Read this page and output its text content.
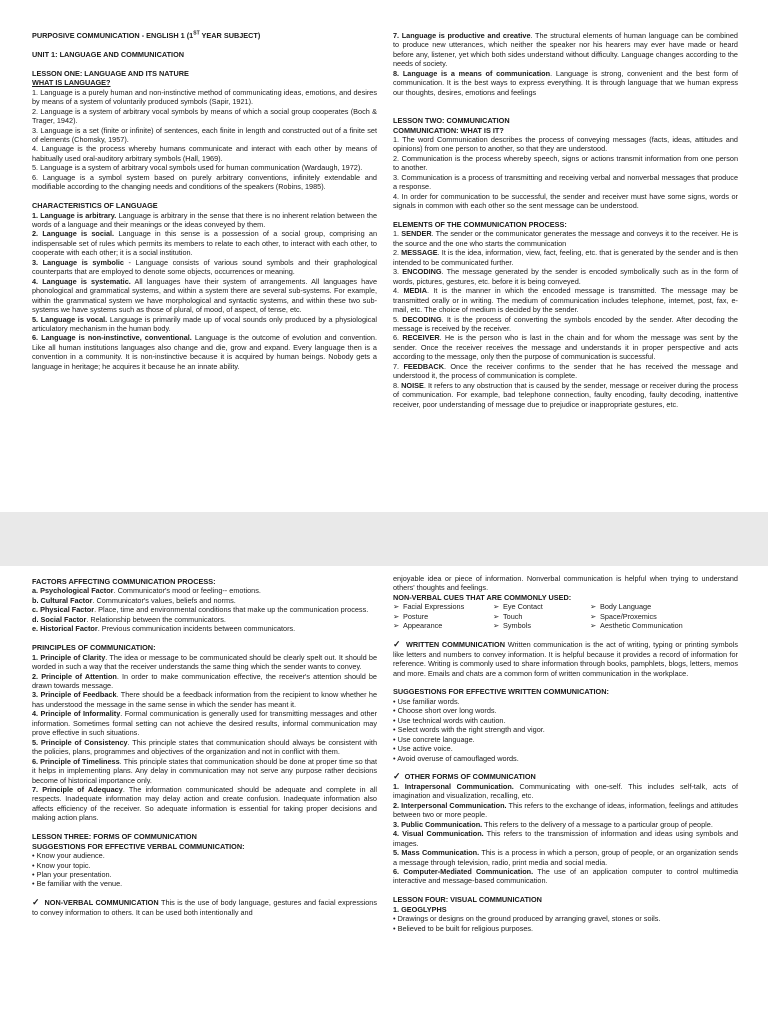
PURPOSIVE COMMUNICATION - ENGLISH 1 (1ST YEAR SUBJECT)

UNIT 1: LANGUAGE AND COMMUNICATION

LESSON ONE: LANGUAGE AND ITS NATURE

WHAT IS LANGUAGE?

1. Language is a purely human and non-instinctive method of communicating ideas, emotions, and desires by means of a system of voluntarily produced symbols (Sapir, 1921).

2. Language is a system of arbitrary vocal symbols by means of which a social group cooperates (Boch & Trager, 1942).

3. Language is a set (finite or infinite) of sentences, each finite in length and constructed out of a finite set of elements (Chomsky, 1957).

4. Language is the process whereby humans communicate and interact with each other by means of habitually used oral-auditory arbitrary symbols (Hall, 1969).

5. Language is a system of arbitrary vocal symbols used for human communication (Wardaugh, 1972).

6. Language is a symbol system based on purely arbitrary conventions, infinitely extendable and modifiable according to the changing needs and conditions of the speakers (Robins, 1985).

CHARACTERISTICS OF LANGUAGE

1. Language is arbitrary. Language is arbitrary in the sense that there is no inherent relation between the words of a language and their meanings or the ideas conveyed by them.

2. Language is social. Language in this sense is a possession of a social group, comprising an indispensable set of rules which permits its members to relate to each other, to interact with each other, to cooperate with each other; it is a social institution.

3. Language is symbolic - Language consists of various sound symbols and their graphological counterparts that are employed to denote some objects, occurrences or meaning.

4. Language is systematic. All languages have their system of arrangements. All languages have phonological and grammatical systems, and within a system there are several sub-systems. For example, within the grammatical system we have morphological and syntactic systems, and within these two sub-systems we have systems such as those of plural, of mood, of aspect, of tense, etc.

5. Language is vocal. Language is primarily made up of vocal sounds only produced by a physiological articulatory mechanism in the human body.

6. Language is non-instinctive, conventional. Language is the outcome of evolution and convention. Like all human institutions languages also change and die, grow and expand. Every language then is a convention in a community. It is non-instinctive because it is acquired by human beings. Nobody gets a language in heritage; he acquires it because he an innate ability.

7. Language is productive and creative. The structural elements of human language can be combined to produce new utterances, which neither the speaker nor his hearers may ever have made or heard before any, listener, yet which both sides understand without difficulty. Language changes according to the needs of society.

8. Language is a means of communication. Language is strong, convenient and the best form of communication. It is the best ways to express everything. It is through language that we human express our thoughts, desires, emotions and feelings

LESSON TWO: COMMUNICATION

COMMUNICATION: WHAT IS IT?

1. The word Communication describes the process of conveying messages (facts, ideas, attitudes and opinions) from one person to another, so that they are understood.

2. Communication is the process whereby speech, signs or actions transmit information from one person to another.

3. Communication is a process of transmitting and receiving verbal and nonverbal messages that produce a response.

4. In order for communication to be successful, the sender and receiver must have some signs, words or signals in common with each other so the sent message can be understood.

ELEMENTS OF THE COMMUNICATION PROCESS:

1. SENDER. The sender or the communicator generates the message and conveys it to the receiver. He is the source and the one who starts the communication

2. MESSAGE. It is the idea, information, view, fact, feeling, etc. that is generated by the sender and is then intended to be communicated further.

3. ENCODING. The message generated by the sender is encoded symbolically such as in the form of words, pictures, gestures, etc. before it is being conveyed.

4. MEDIA. It is the manner in which the encoded message is transmitted. The message may be transmitted orally or in writing. The medium of communication includes telephone, internet, post, fax, e-mail, etc. The choice of medium is decided by the sender.

5. DECODING. It is the process of converting the symbols encoded by the sender. After decoding the message is received by the receiver.

6. RECEIVER. He is the person who is last in the chain and for whom the message was sent by the sender. Once the receiver receives the message and understands it in proper perspective and acts according to the message, only then the purpose of communication is successful.

7. FEEDBACK. Once the receiver confirms to the sender that he has received the message and understood it, the process of communication is complete.

8. NOISE. It refers to any obstruction that is caused by the sender, message or receiver during the process of communication. For example, bad telephone connection, faulty encoding, faulty decoding, inattentive receiver, poor understanding of message due to prejudice or inappropriate gestures, etc.

FACTORS AFFECTING COMMUNICATION PROCESS:

a. Psychological Factor. Communicator's mood or feeling-- emotions.

b. Cultural Factor. Communicator's values, beliefs and norms.

c. Physical Factor. Place, time and environmental conditions that make up the communication process.

d. Social Factor. Relationship between the communicators.

e. Historical Factor. Previous communication incidents between communicators.

PRINCIPLES OF COMMUNICATION:

1. Principle of Clarity. The idea or message to be communicated should be clearly spelt out. It should be worded in such a way that the receiver understands the same thing which the sender wants to convey.

2. Principle of Attention. In order to make communication effective, the receiver's attention should be drawn towards message.

3. Principle of Feedback. There should be a feedback information from the recipient to know whether he has understood the message in the same sense in which the sender has meant it.

4. Principle of Informality. Formal communication is generally used for transmitting messages and other information. Sometimes formal setting can not achieve the desired results, informal communication may prove effective in such situations.

5. Principle of Consistency. This principle states that communication should always be consistent with the policies, plans, programmes and objectives of the organization and not in conflict with them.

6. Principle of Timeliness. This principle states that communication should be done at proper time so that it helps in implementing plans. Any delay in communication may not serve any purpose rather decisions become of historical importance only.

7. Principle of Adequacy. The information communicated should be adequate and complete in all respects. Inadequate information may delay action and create confusion. Inadequate information also affects efficiency of the receiver. So adequate information is essential for taking proper decisions and making action plans.

LESSON THREE: FORMS OF COMMUNICATION

SUGGESTIONS FOR EFFECTIVE VERBAL COMMUNICATION:

• Know your audience.

• Know your topic.

• Plan your presentation.

• Be familiar with the venue.

✓ NON-VERBAL COMMUNICATION This is the use of body language, gestures and facial expressions to convey information to others. It can be used both intentionally and

enjoyable idea or piece of information. Nonverbal communication is helpful when trying to understand others' thoughts and feelings.

NON-VERBAL CUES THAT ARE COMMONLY USED:

➢ Facial Expressions	➢ Eye Contact	➢ Body Language
➢ Posture	➢ Touch	➢ Space/Proxemics
➢ Appearance	➢ Symbols	➢ Aesthetic Communication

✓ WRITTEN COMMUNICATION Written communication is the act of writing, typing or printing symbols like letters and numbers to convey information. It is helpful because it provides a record of information for reference. Writing is commonly used to share information through books, pamphlets, blogs, letters, memos and more. Emails and chats are a common form of written communication in the workplace.

SUGGESTIONS FOR EFFECTIVE WRITTEN COMMUNICATION:

• Use familiar words.

• Choose short over long words.

• Use technical words with caution.

• Select words with the right strength and vigor.

• Use concrete language.

• Use active voice.

• Avoid overuse of camouflaged words.

✓ OTHER FORMS OF COMMUNICATION

1. Intrapersonal Communication. Communicating with one-self. This includes self-talk, acts of imagination and visualization, recalling, etc.

2. Interpersonal Communication. This refers to the exchange of ideas, information, feelings and attitudes between two or more people.

3. Public Communication. This refers to the delivery of a message to a particular group of people.

4. Visual Communication. This refers to the transmission of information and ideas using symbols and images.

5. Mass Communication. This is a process in which a person, group of people, or an organization sends a message through television, radio, print media and social media.

6. Computer-Mediated Communication. The use of an application computer to control multimedia interactive and message-based communication.

LESSON FOUR: VISUAL COMMUNICATION

1. GEOGLYPHS

• Drawings or designs on the ground produced by arranging gravel, stones or soils.

• Believed to be built for religious purposes.
